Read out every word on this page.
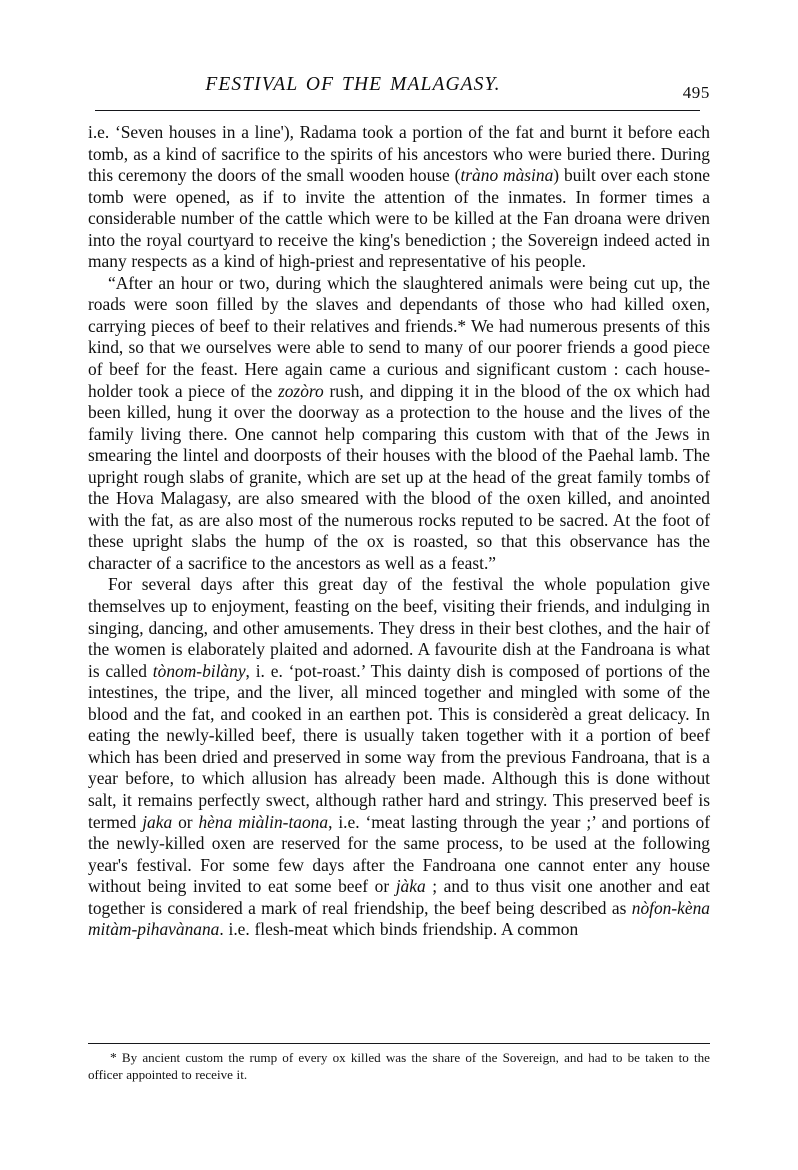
FESTIVAL OF THE MALAGASY.	495

i.e. ‘Seven houses in a line'), Radama took a portion of the fat and burnt it before each tomb, as a kind of sacrifice to the spirits of his ancestors who were buried there. During this ceremony the doors of the small wooden house (tràno màsina) built over each stone tomb were opened, as if to invite the attention of the inmates. In former times a considerable number of the cattle which were to be killed at the Fan droana were driven into the royal courtyard to receive the king's benediction ; the Sovereign indeed acted in many respects as a kind of high-priest and representative of his people.

“After an hour or two, during which the slaughtered animals were being cut up, the roads were soon filled by the slaves and dependants of those who had killed oxen, carrying pieces of beef to their relatives and friends.* We had numerous presents of this kind, so that we ourselves were able to send to many of our poorer friends a good piece of beef for the feast. Here again came a curious and significant custom : cach house-holder took a piece of the zozòro rush, and dipping it in the blood of the ox which had been killed, hung it over the doorway as a protection to the house and the lives of the family living there. One cannot help comparing this custom with that of the Jews in smearing the lintel and doorposts of their houses with the blood of the Paehal lamb. The upright rough slabs of granite, which are set up at the head of the great family tombs of the Hova Malagasy, are also smeared with the blood of the oxen killed, and anointed with the fat, as are also most of the numerous rocks reputed to be sacred. At the foot of these upright slabs the hump of the ox is roasted, so that this observance has the character of a sacrifice to the ancestors as well as a feast.”

For several days after this great day of the festival the whole population give themselves up to enjoyment, feasting on the beef, visiting their friends, and indulging in singing, dancing, and other amusements. They dress in their best clothes, and the hair of the women is elaborately plaited and adorned. A favourite dish at the Fandroana is what is called tònom-bilàny, i. e. ‘pot-roast.’ This dainty dish is composed of portions of the intestines, the tripe, and the liver, all minced together and mingled with some of the blood and the fat, and cooked in an earthen pot. This is considerèd a great delicacy. In eating the newly-killed beef, there is usually taken together with it a portion of beef which has been dried and preserved in some way from the previous Fandroana, that is a year before, to which allusion has already been made. Although this is done without salt, it remains perfectly swect, although rather hard and stringy. This preserved beef is termed jaka or hèna miàlin-taona, i.e. ‘meat lasting through the year ;’ and portions of the newly-killed oxen are reserved for the same process, to be used at the following year's festival. For some few days after the Fandroana one cannot enter any house without being invited to eat some beef or jàka ; and to thus visit one another and eat together is considered a mark of real friendship, the beef being described as nòfon-kèna mitàm-pihavànana. i.e. flesh-meat which binds friendship. A common

* By ancient custom the rump of every ox killed was the share of the Sovereign, and had to be taken to the officer appointed to receive it.
